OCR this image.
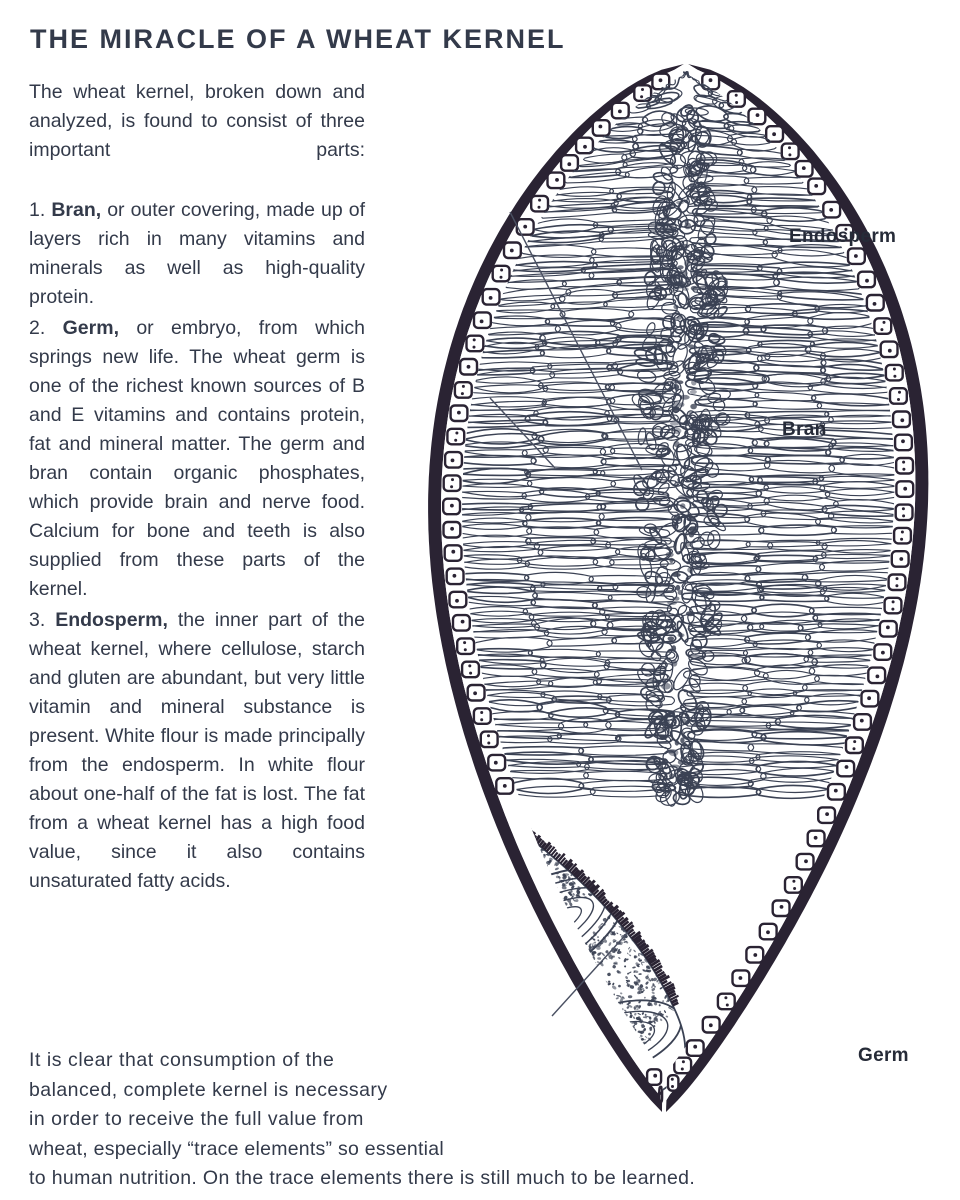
THE MIRACLE OF A WHEAT KERNEL

The wheat kernel, broken down and analyzed, is found to consist of three important parts:

1. Bran, or outer covering, made up of layers rich in many vitamins and minerals as well as high-quality protein.

2. Germ, or embryo, from which springs new life. The wheat germ is one of the richest known sources of B and E vitamins and contains protein, fat and mineral matter. The germ and bran contain organic phosphates, which provide brain and nerve food. Calcium for bone and teeth is also supplied from these parts of the kernel.

3. Endosperm, the inner part of the wheat kernel, where cellulose, starch and gluten are abundant, but very little vitamin and mineral substance is present. White flour is made principally from the endosperm. In white flour about one-half of the fat is lost. The fat from a wheat kernel has a high food value, since it also contains unsaturated fatty acids.

It is clear that consumption of the
balanced, complete kernel is necessary
in order to receive the full value from
wheat, especially “trace elements” so essential
to human nutrition. On the trace elements there is still much to be learned.
Endosperm
Bran
Germ
